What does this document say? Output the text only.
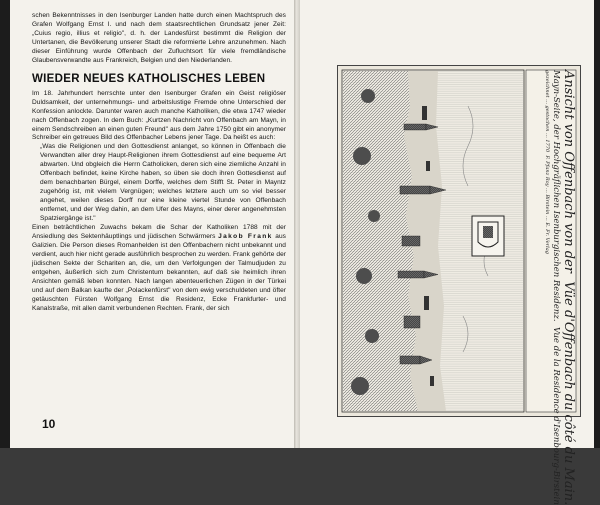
schen Bekenntnisses in den Isenburger Landen hatte durch einen Machtspruch des Grafen Wolfgang Ernst I. und nach dem staatsrechtlichen Grundsatz jener Zeit: „Cuius regio, illius et religio", d. h. der Landesfürst bestimmt die Religion der Untertanen, die Bevölkerung unserer Stadt die reformierte Lehre anzunehmen. Nach dieser Einführung wurde Offenbach der Zufluchtsort für viele fremdländische Glaubensverwandte aus Frankreich, Belgien und den Niederlanden.

WIEDER NEUES KATHOLISCHES LEBEN

Im 18. Jahrhundert herrschte unter den Isenburger Grafen ein Geist religiöser Duldsamkeit, der unternehmungs- und arbeitslustige Fremde ohne Unterschied der Konfession anlockte. Darunter waren auch manche Katholiken, die etwa 1747 wieder nach Offenbach zogen. In dem Buch: „Kurtzen Nachricht von Offenbach am Mayn, in einem Sendschreiben an einen guten Freund" aus dem Jahre 1750 gibt ein anonymer Schreiber ein getreues Bild des Offenbacher Lebens jener Tage. Da heißt es auch:

„Was die Religionen und den Gottesdienst anlanget, so können in Offenbach die Verwandten aller drey Haupt-Religionen ihrem Gottesdienst auf eine bequeme Art abwarten. Und obgleich die Herrn Catholicken, deren sich eine ziemliche Anzahl in Offenbach befindet, keine Kirche haben, so üben sie doch ihren Gottesdienst auf dem benachbarten Bürgel, einem Dorffe, welches dem Stifft St. Peter in Mayntz zugehörig ist, mit vielem Vergnügen; welches letztere auch um so viel besser angehet, weilen dieses Dorff nur eine kleine viertel Stunde von Offenbach entfernet, und der Weg dahin, an dem Ufer des Mayns, einer derer angenehmsten Spatziergänge ist."

Einen beträchtlichen Zuwachs bekam die Schar der Katholiken 1788 mit der Ansiedlung des Sektenhäuptlings und jüdischen Schwärmers Jakob Frank aus Galizien. Die Person dieses Romanhelden ist den Offenbachern nicht unbekannt und verdient, auch hier nicht gerade ausführlich besprochen zu werden. Frank gehörte der jüdischen Sekte der Schariten an, die, um den Verfolgungen der Talmudjuden zu entgehen, äußerlich sich zum Christentum bekannten, auf daß sie heimlich ihren Ansichten gemäß leben konnten. Nach langen abenteuerlichen Zügen in der Türkei und auf dem Balkan kaufte der „Polackenfürst" von dem ewig verschuldeten und öfter getäuschten Fürsten Wolfgang Ernst die Residenz, Ecke Frankfurter- und Kanalstraße, mit allen damit verbundenen Rechten. Frank, der sich

10
Ansicht von Offenbach von der  Vüe d'Offenbach du côté du Main.
Mayn-Seite, der Hochgräflichen Isenburgischen Residenz.  Vue de la Residence d'Isenbourg-Birstein
gezeichnet ... gestochen ... 1770  F. Pfanz Roy ... Birstein ... E. Fr. Verlag
